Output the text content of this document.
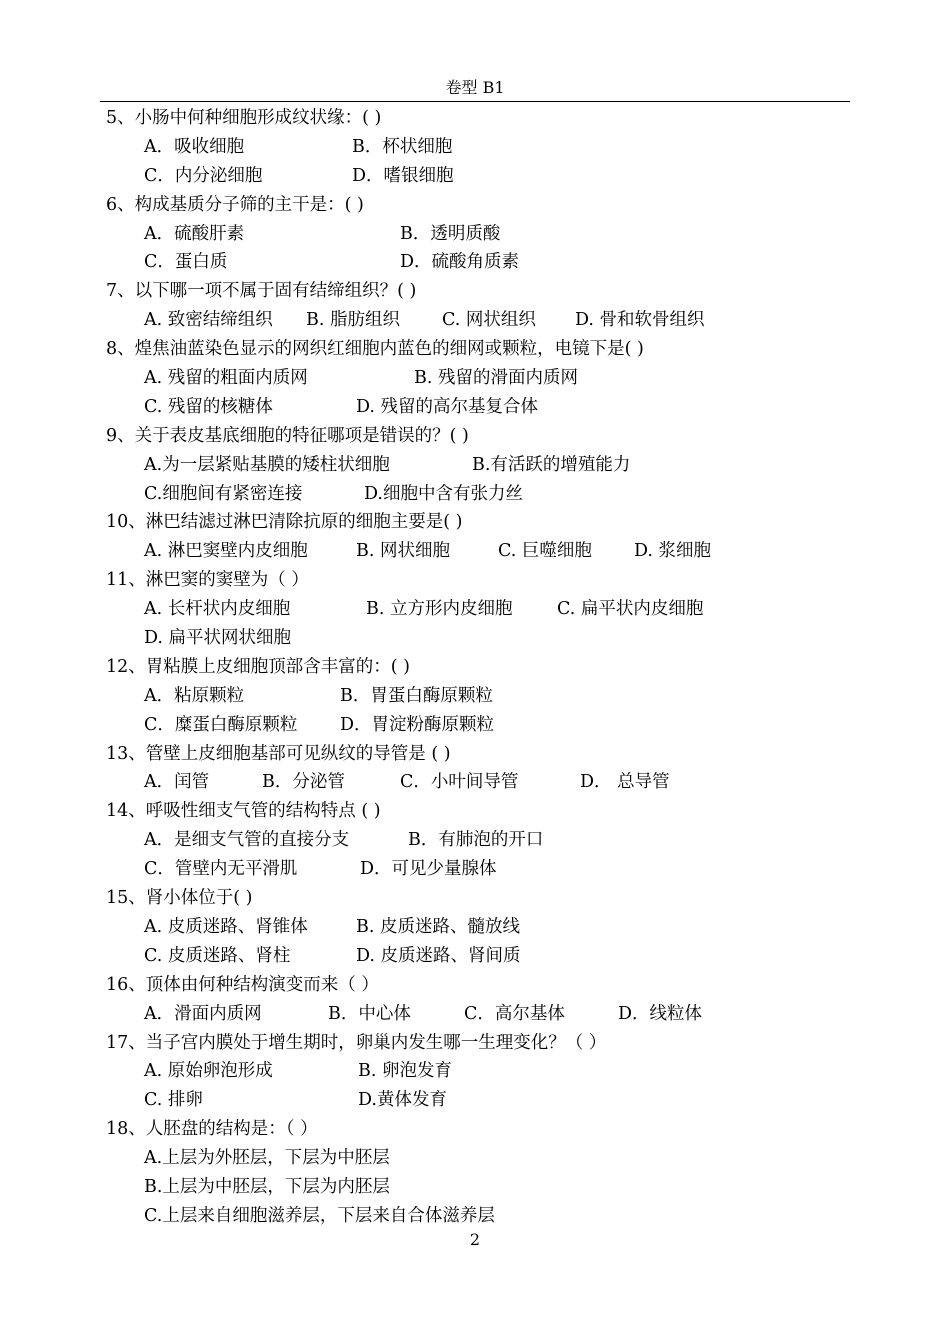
卷型 B1
5、小肠中何种细胞形成纹状缘：( )
A．吸收细胞	B．杯状细胞
C．内分泌细胞	D．嗜银细胞
6、构成基质分子筛的主干是：( )
A．硫酸肝素	B．透明质酸
C．蛋白质	D．硫酸角质素
7、以下哪一项不属于固有结缔组织？( )
A. 致密结缔组织 B. 脂肪组织 C. 网状组织 D. 骨和软骨组织
8、煌焦油蓝染色显示的网织红细胞内蓝色的细网或颗粒，电镜下是( )
A. 残留的粗面内质网	B. 残留的滑面内质网
C. 残留的核糖体	D. 残留的高尔基复合体
9、关于表皮基底细胞的特征哪项是错误的？( )
A.为一层紧贴基膜的矮柱状细胞	B.有活跃的增殖能力
C.细胞间有紧密连接	D.细胞中含有张力丝
10、淋巴结滤过淋巴清除抗原的细胞主要是( )
A. 淋巴窦壁内皮细胞	B. 网状细胞	C. 巨噬细胞 D. 浆细胞
11、淋巴窦的窦壁为（ ）
A. 长杆状内皮细胞	B. 立方形内皮细胞	C. 扁平状内皮细胞
D. 扁平状网状细胞
12、胃粘膜上皮细胞顶部含丰富的：( )
A．粘原颗粒	B．胃蛋白酶原颗粒
C．糜蛋白酶原颗粒 D．胃淀粉酶原颗粒
13、管壁上皮细胞基部可见纵纹的导管是 ( )
A．闰管	B．分泌管	C．小叶间导管	D． 总导管
14、呼吸性细支气管的结构特点 ( )
A．是细支气管的直接分支	B．有肺泡的开口
C．管壁内无平滑肌	D．可见少量腺体
15、肾小体位于( )
A. 皮质迷路、肾锥体	B. 皮质迷路、髓放线
C. 皮质迷路、肾柱	D. 皮质迷路、肾间质
16、顶体由何种结构演变而来（ ）
A．滑面内质网	B．中心体	C．高尔基体	D．线粒体
17、当子宫内膜处于增生期时，卵巢内发生哪一生理变化？（ ）
A. 原始卵泡形成	B. 卵泡发育
C. 排卵	D.黄体发育
18、人胚盘的结构是：（ ）
A.上层为外胚层，下层为中胚层
B.上层为中胚层，下层为内胚层
C.上层来自细胞滋养层，下层来自合体滋养层
2
